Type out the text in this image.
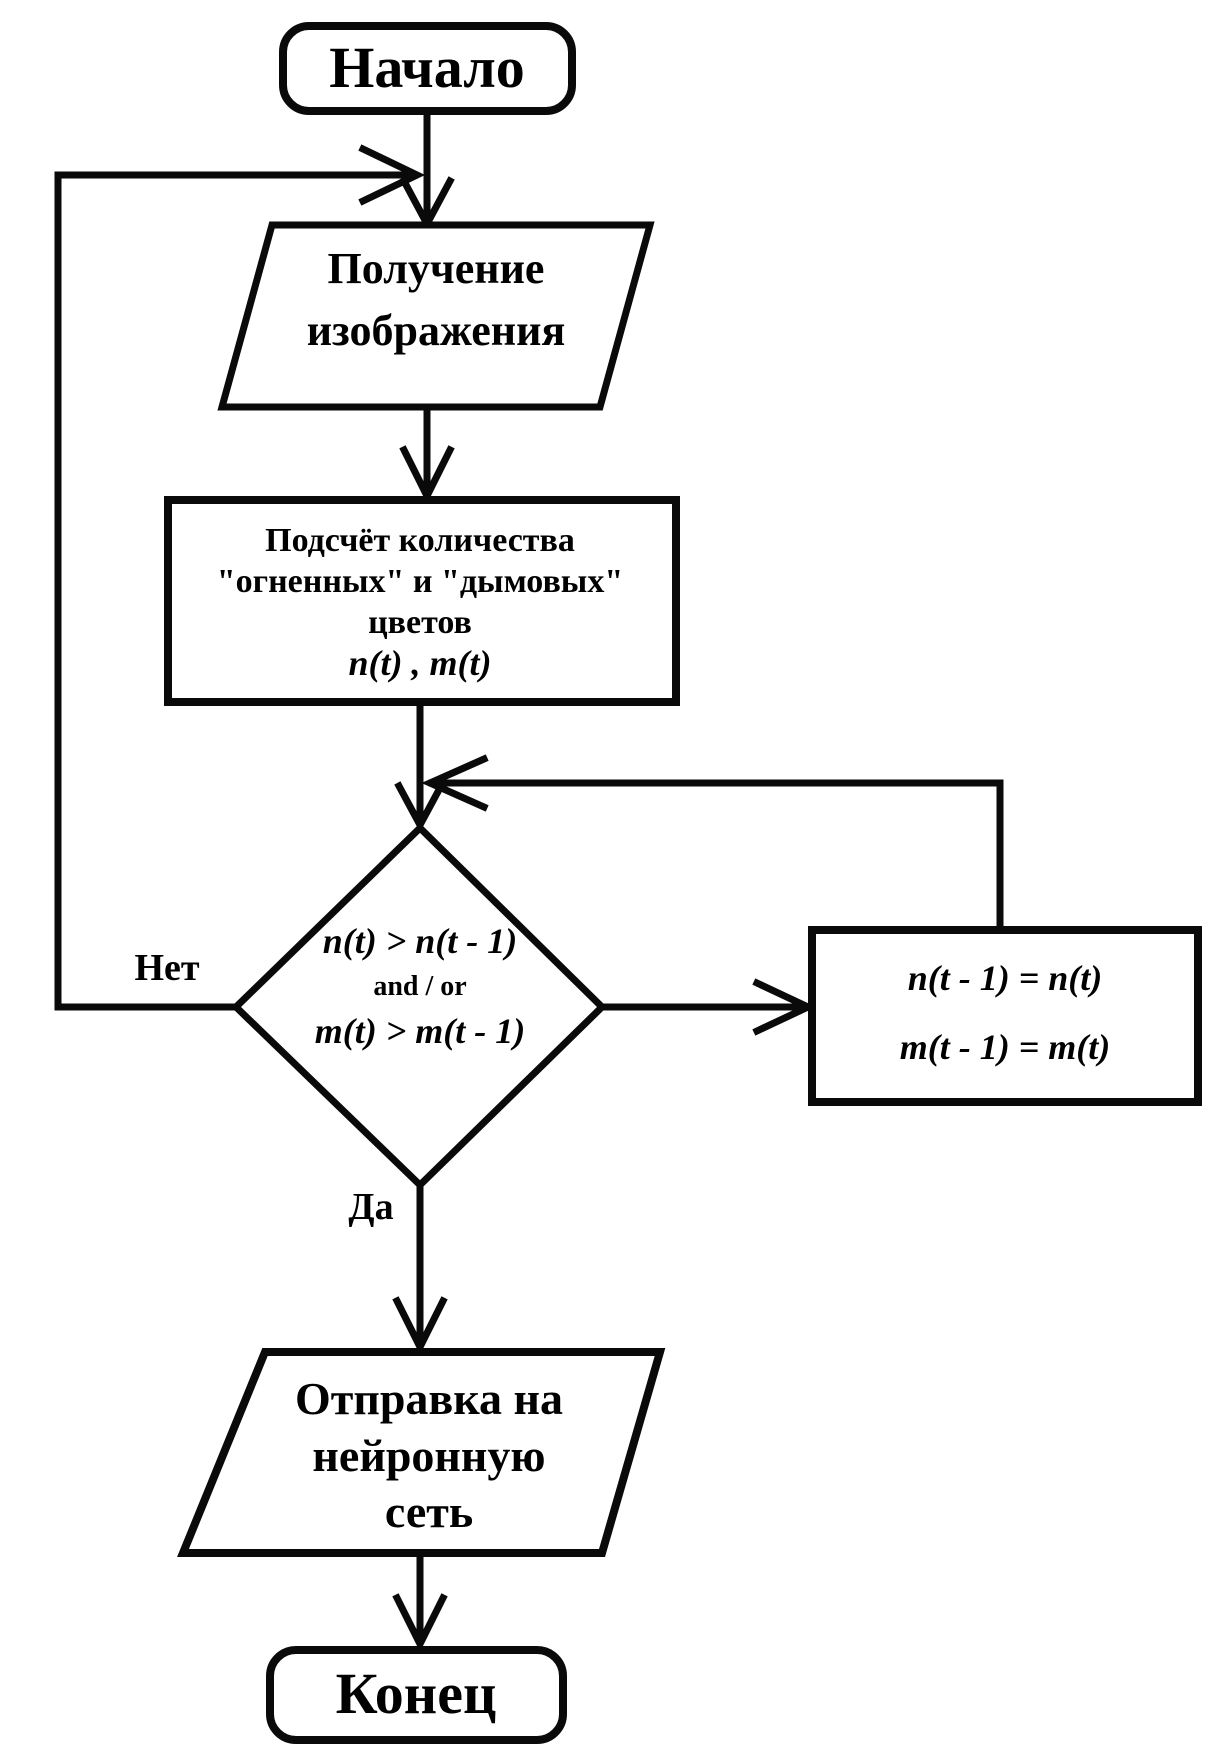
Начало
Получение
изображения
Подсчёт количества
"огненных" и "дымовых"
цветов
n(t) , m(t)
n(t) > n(t - 1)
and / or
m(t) > m(t - 1)
n(t - 1) = n(t)
m(t - 1) = m(t)
Нет
Да
Отправка на
нейронную
сеть
Конец
